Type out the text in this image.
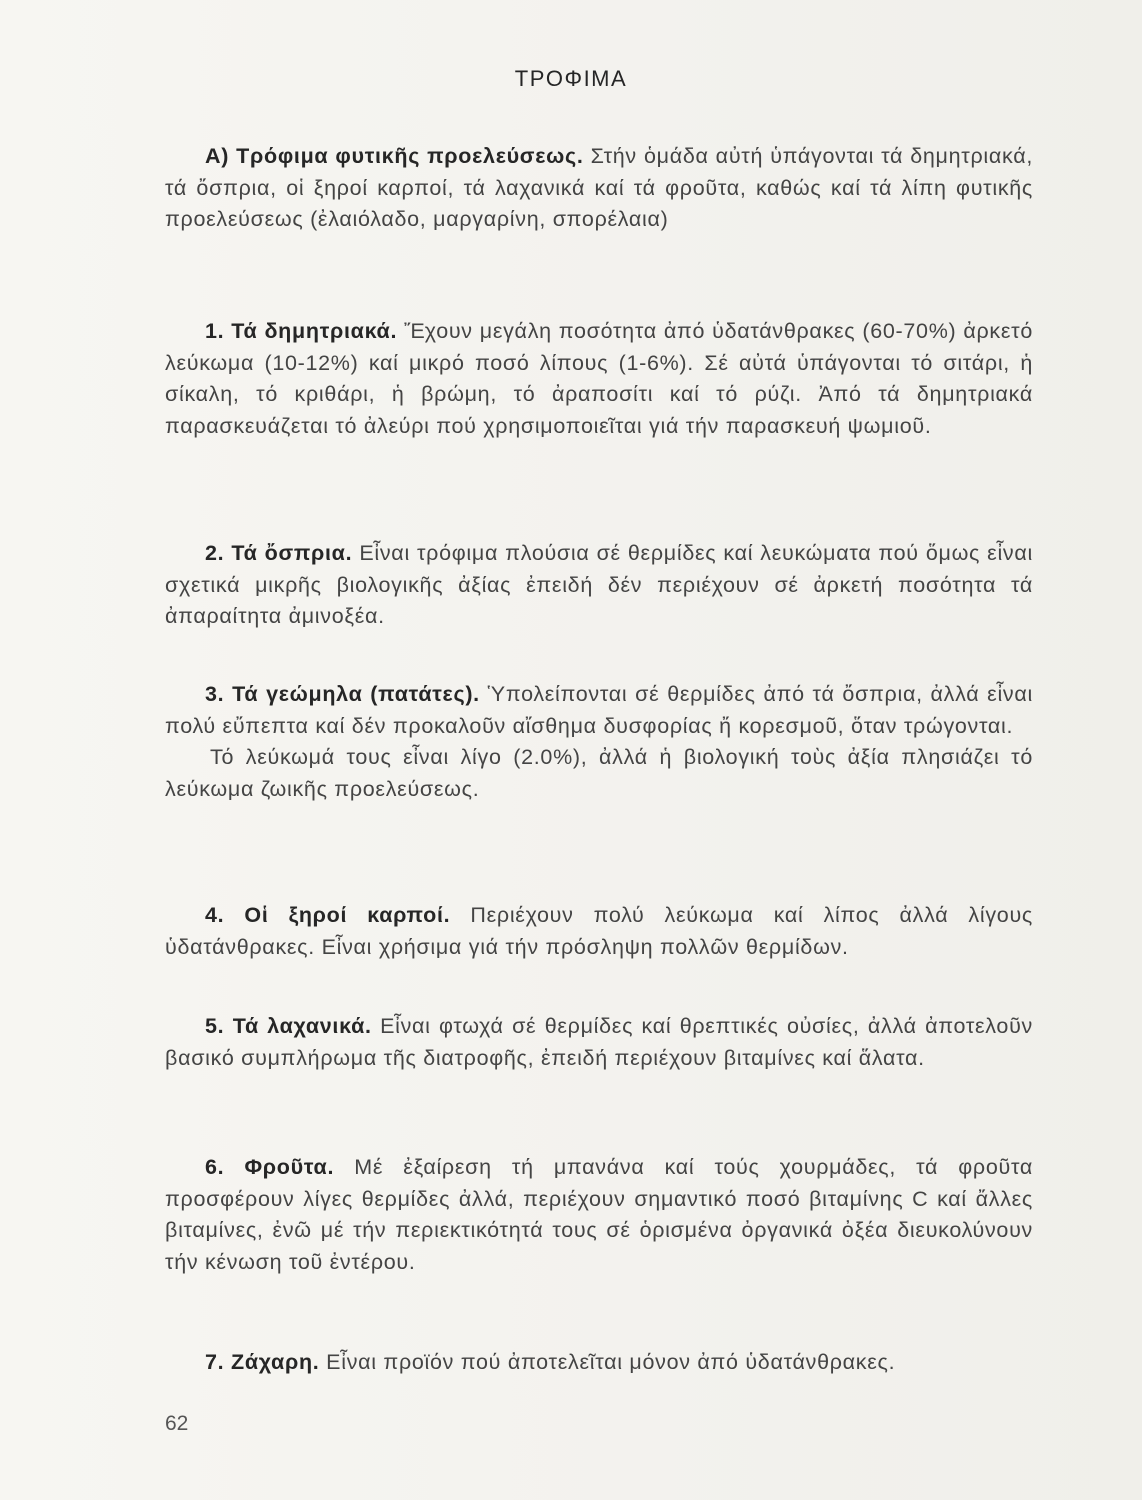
ΤΡΟΦΙΜΑ

Α) Τρόφιμα φυτικῆς προελεύσεως. Στήν ὁμάδα αὐτή ὑπάγονται τά δημητριακά, τά ὄσπρια, οἱ ξηροί καρποί, τά λαχανικά καί τά φροῦτα, καθώς καί τά λίπη φυτικῆς προελεύσεως (ἐλαιόλαδο, μαργαρίνη, σπορέλαια)

1. Τά δημητριακά. Ἔχουν μεγάλη ποσότητα ἀπό ὑδατάνθρακες (60-70%) ἀρκετό λεύκωμα (10-12%) καί μικρό ποσό λίπους (1-6%). Σέ αὐτά ὑπάγονται τό σιτάρι, ἡ σίκαλη, τό κριθάρι, ἡ βρώμη, τό ἀραποσίτι καί τό ρύζι. Ἀπό τά δημητριακά παρασκευάζεται τό ἀλεύρι πού χρησιμοποιεῖται γιά τήν παρασκευή ψωμιοῦ.

2. Τά ὄσπρια. Εἶναι τρόφιμα πλούσια σέ θερμίδες καί λευκώματα πού ὅμως εἶναι σχετικά μικρῆς βιολογικῆς ἀξίας ἐπειδή δέν περιέχουν σέ ἀρκετή ποσότητα τά ἀπαραίτητα ἀμινοξέα.

3. Τά γεώμηλα (πατάτες). Ὑπολείπονται σέ θερμίδες ἀπό τά ὄσπρια, ἀλλά εἶναι πολύ εὔπεπτα καί δέν προκαλοῦν αἴσθημα δυσφορίας ἤ κορεσμοῦ, ὅταν τρώγονται.
Τό λεύκωμά τους εἶναι λίγο (2.0%), ἀλλά ἡ βιολογική τοὺς ἀξία πλησιάζει τό λεύκωμα ζωικῆς προελεύσεως.

4. Οἱ ξηροί καρποί. Περιέχουν πολύ λεύκωμα καί λίπος ἀλλά λίγους ὑδατάνθρακες. Εἶναι χρήσιμα γιά τήν πρόσληψη πολλῶν θερμίδων.

5. Τά λαχανικά. Εἶναι φτωχά σέ θερμίδες καί θρεπτικές οὐσίες, ἀλλά ἀποτελοῦν βασικό συμπλήρωμα τῆς διατροφῆς, ἐπειδή περιέχουν βιταμίνες καί ἅλατα.

6. Φροῦτα. Μέ ἐξαίρεση τή μπανάνα καί τούς χουρμάδες, τά φροῦτα προσφέρουν λίγες θερμίδες ἀλλά, περιέχουν σημαντικό ποσό βιταμίνης C καί ἄλλες βιταμίνες, ἐνῶ μέ τήν περιεκτικότητά τους σέ ὁρισμένα ὀργανικά ὀξέα διευκολύνουν τήν κένωση τοῦ ἐντέρου.

7. Ζάχαρη. Εἶναι προϊόν πού ἀποτελεῖται μόνον ἀπό ὑδατάνθρακες.

62
